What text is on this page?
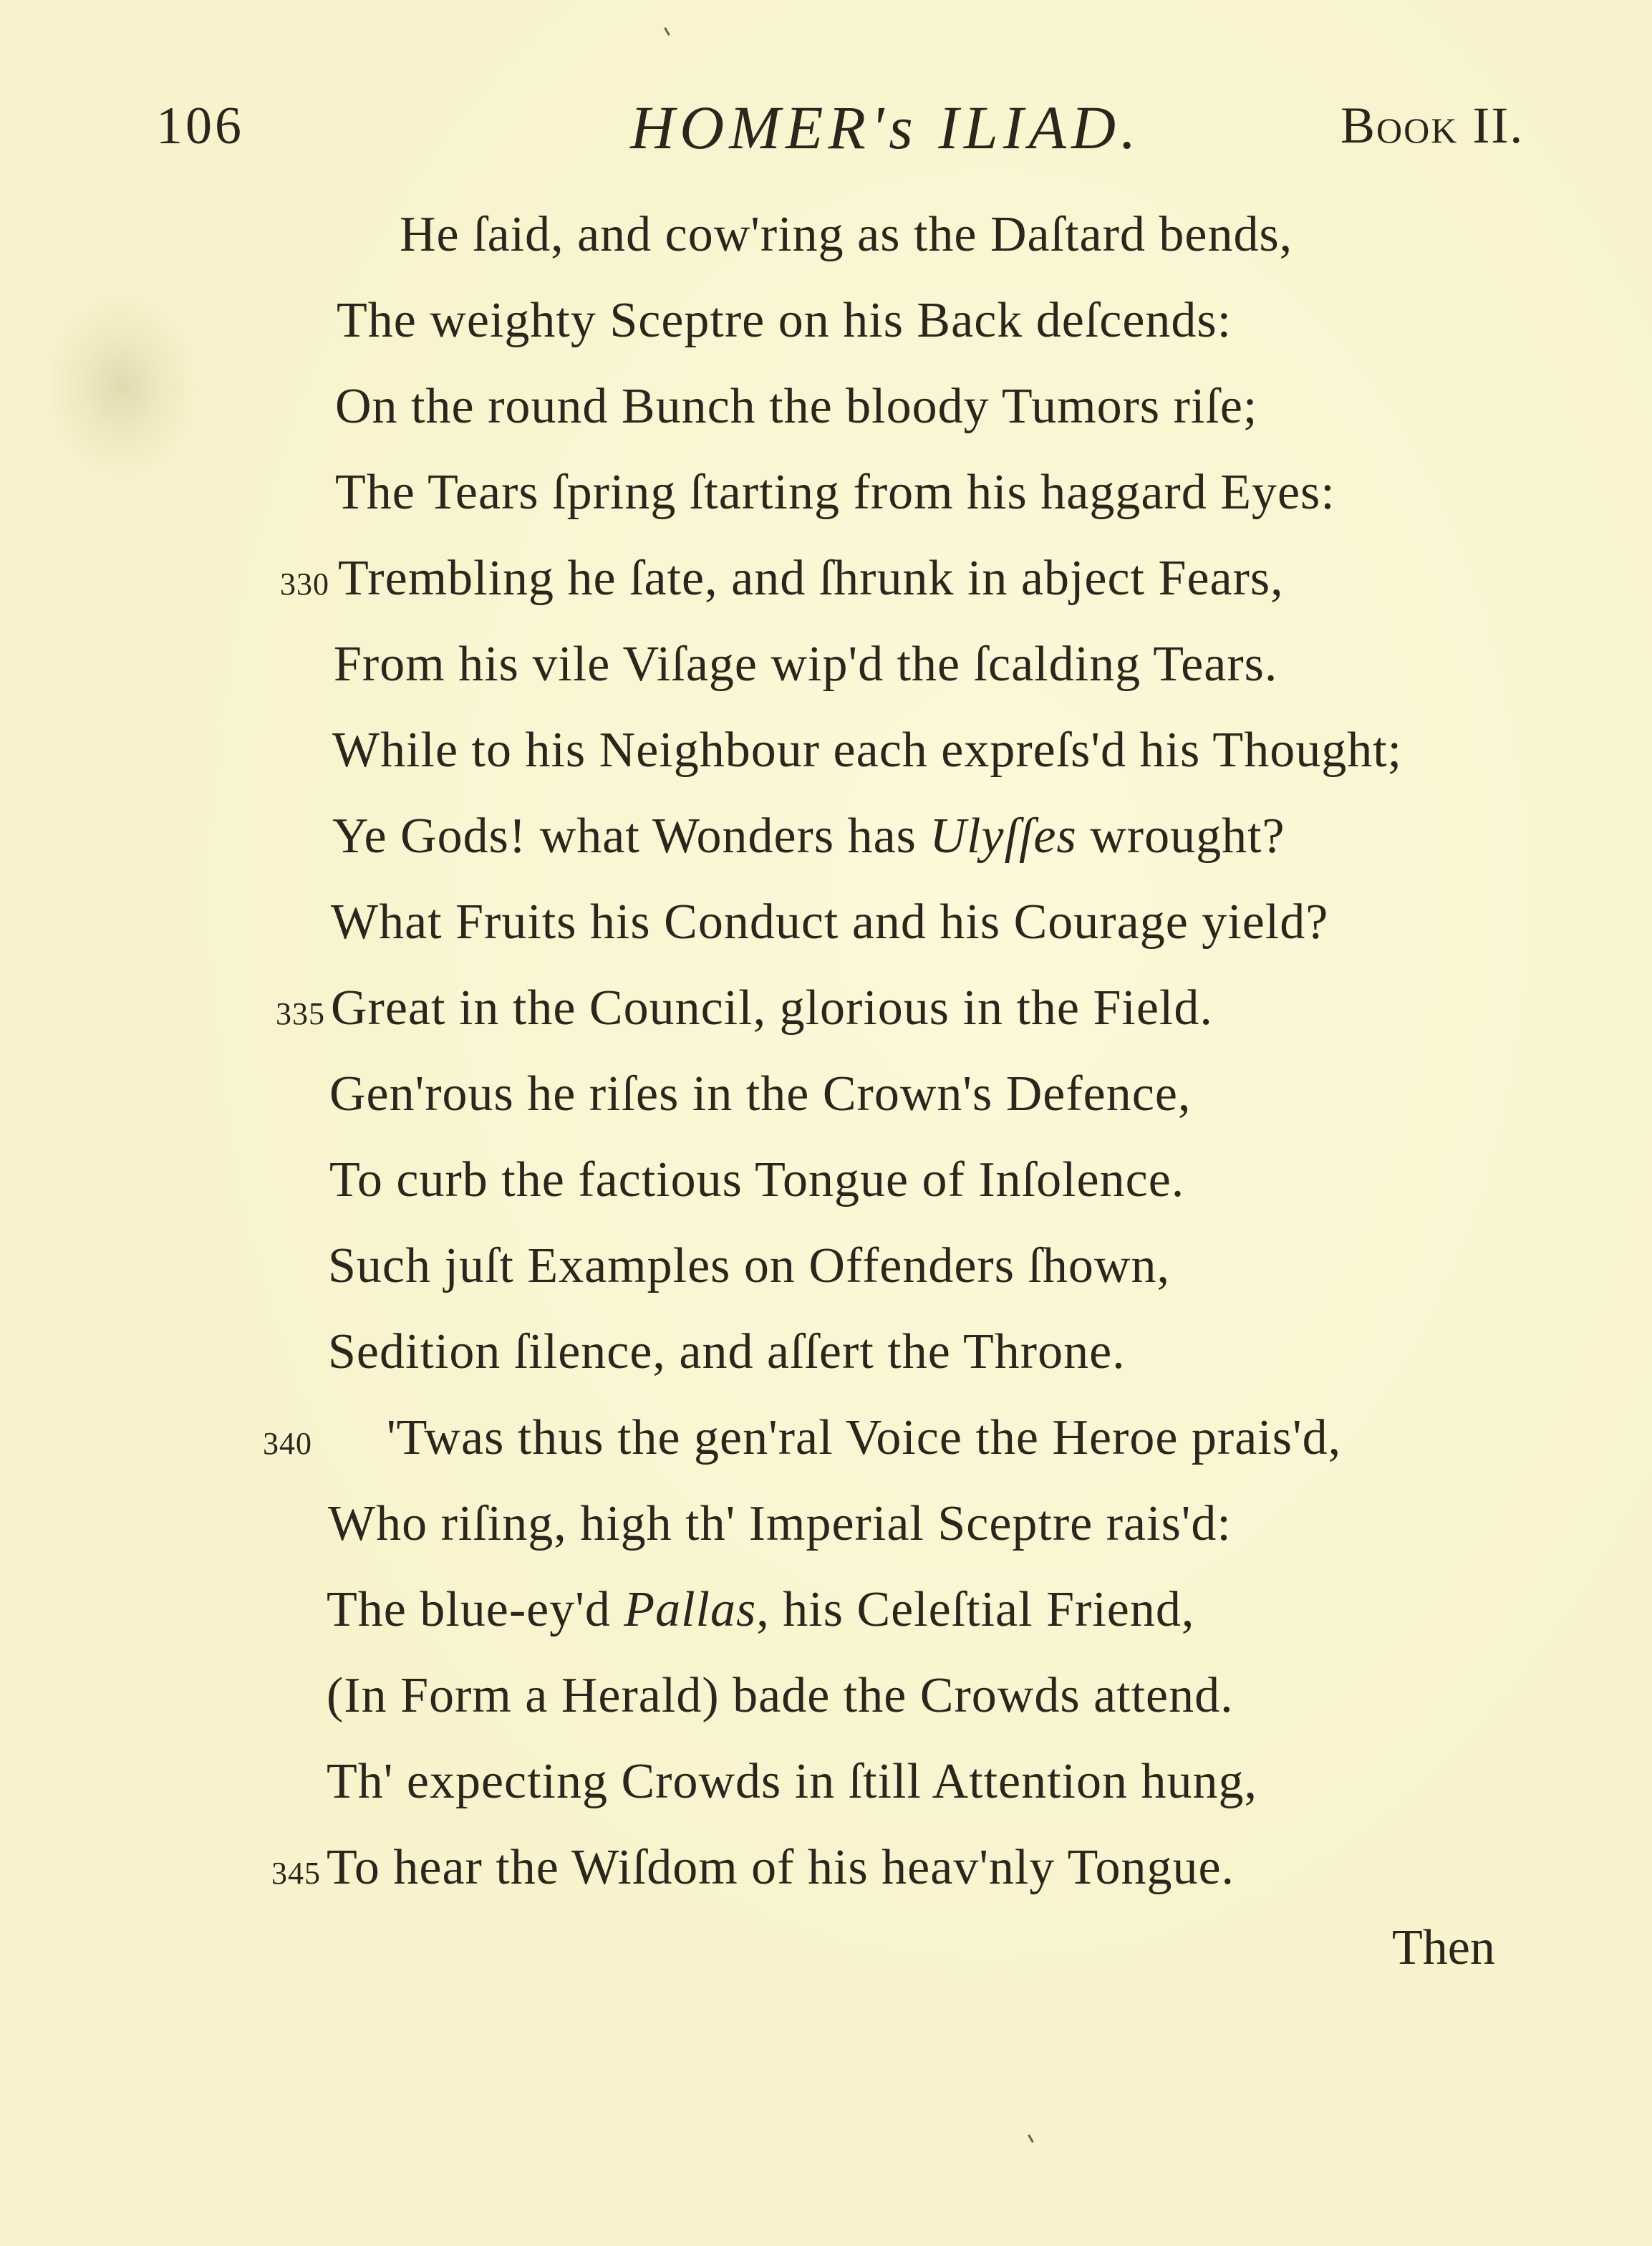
106	HOMER's ILIAD.	Book II.
He ſaid, and cow'ring as the Daſtard bends,
The weighty Sceptre on his Back deſcends:
On the round Bunch the bloody Tumors riſe;
The Tears ſpring ſtarting from his haggard Eyes:
330 Trembling he ſate, and ſhrunk in abject Fears,
From his vile Viſage wip'd the ſcalding Tears.
While to his Neighbour each expreſs'd his Thought;
Ye Gods! what Wonders has Ulyſſes wrought?
What Fruits his Conduct and his Courage yield?
335 Great in the Council, glorious in the Field.
Gen'rous he riſes in the Crown's Defence,
To curb the factious Tongue of Inſolence.
Such juſt Examples on Offenders ſhown,
Sedition ſilence, and aſſert the Throne.
340 'Twas thus the gen'ral Voice the Heroe prais'd,
Who riſing, high th' Imperial Sceptre rais'd:
The blue-ey'd Pallas, his Celeſtial Friend,
(In Form a Herald) bade the Crowds attend.
Th' expecting Crowds in ſtill Attention hung,
345 To hear the Wiſdom of his heav'nly Tongue.
Then
